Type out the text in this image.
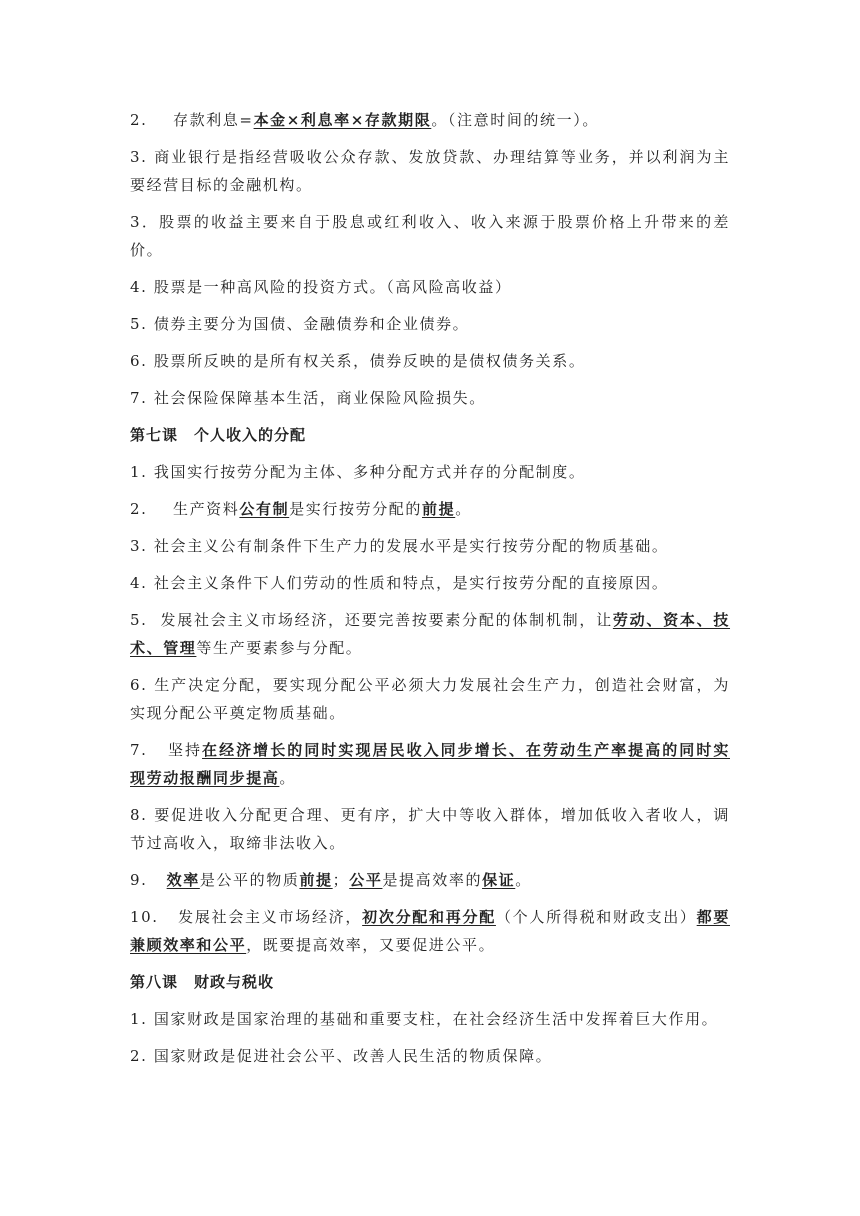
2.    存款利息=本金×利息率×存款期限。（注意时间的统一）。

3. 商业银行是指经营吸收公众存款、发放贷款、办理结算等业务，并以利润为主要经营目标的金融机构。

3．股票的收益主要来自于股息或红利收入、收入来源于股票价格上升带来的差价。

4. 股票是一种高风险的投资方式。（高风险高收益）

5. 债券主要分为国债、金融债券和企业债券。

6. 股票所反映的是所有权关系，债券反映的是债权债务关系。

7. 社会保险保障基本生活，商业保险风险损失。

第七课　个人收入的分配

1. 我国实行按劳分配为主体、多种分配方式并存的分配制度。

2.    生产资料公有制是实行按劳分配的前提。

3. 社会主义公有制条件下生产力的发展水平是实行按劳分配的物质基础。

4. 社会主义条件下人们劳动的性质和特点，是实行按劳分配的直接原因。

5.  发展社会主义市场经济，还要完善按要素分配的体制机制，让劳动、资本、技术、管理等生产要素参与分配。

6. 生产决定分配，要实现分配公平必须大力发展社会生产力，创造社会财富，为实现分配公平奠定物质基础。

7.   坚持在经济增长的同时实现居民收入同步增长、在劳动生产率提高的同时实现劳动报酬同步提高。

8. 要促进收入分配更合理、更有序，扩大中等收入群体，增加低收入者收人，调节过高收入，取缔非法收入。

9.   效率是公平的物质前提；公平是提高效率的保证。

10.   发展社会主义市场经济，初次分配和再分配（个人所得税和财政支出）都要兼顾效率和公平，既要提高效率，又要促进公平。

第八课　财政与税收

1. 国家财政是国家治理的基础和重要支柱，在社会经济生活中发挥着巨大作用。

2. 国家财政是促进社会公平、改善人民生活的物质保障。
